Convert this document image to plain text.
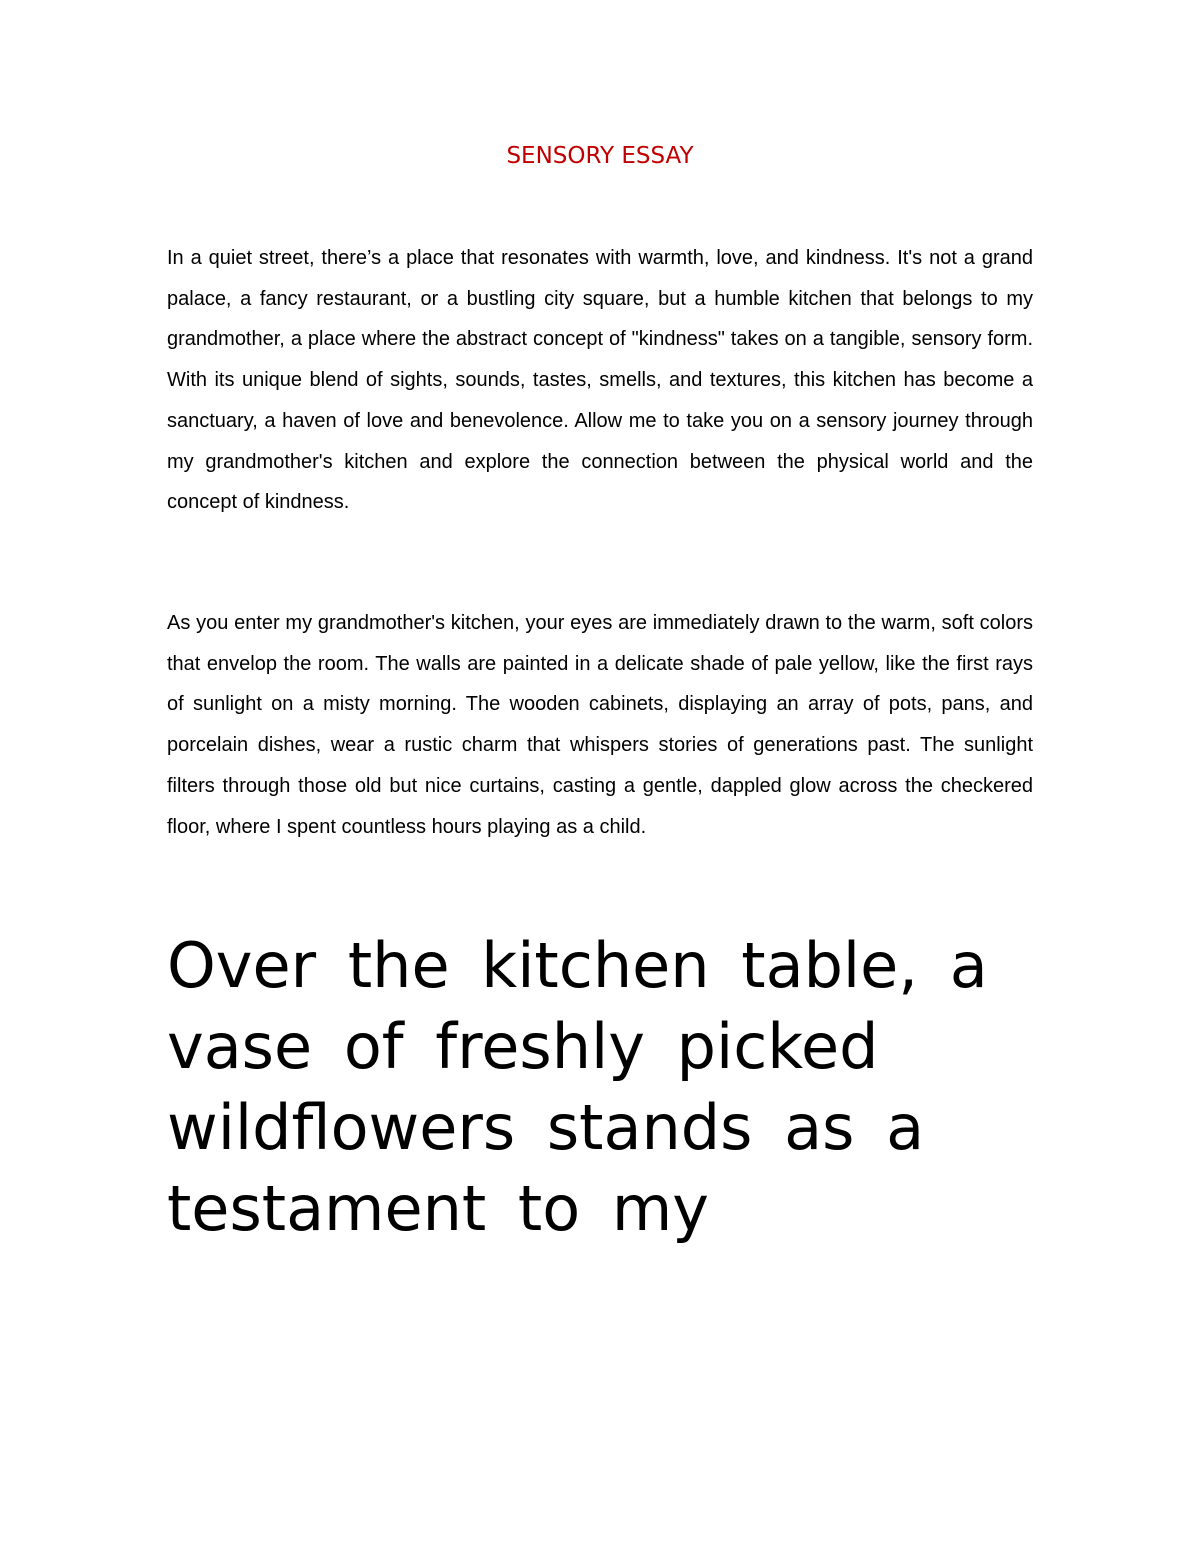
SENSORY ESSAY

In a quiet street, there’s a place that resonates with warmth, love, and kindness. It's not a grand palace, a fancy restaurant, or a bustling city square, but a humble kitchen that belongs to my grandmother, a place where the abstract concept of "kindness" takes on a tangible, sensory form. With its unique blend of sights, sounds, tastes, smells, and textures, this kitchen has become a sanctuary, a haven of love and benevolence. Allow me to take you on a sensory journey through my grandmother's kitchen and explore the connection between the physical world and the concept of kindness.

As you enter my grandmother's kitchen, your eyes are immediately drawn to the warm, soft colors that envelop the room. The walls are painted in a delicate shade of pale yellow, like the first rays of sunlight on a misty morning. The wooden cabinets, displaying an array of pots, pans, and porcelain dishes, wear a rustic charm that whispers stories of generations past. The sunlight filters through those old but nice curtains, casting a gentle, dappled glow across the checkered floor, where I spent countless hours playing as a child.

Over the kitchen table, a vase of freshly picked wildflowers stands as a testament to my
